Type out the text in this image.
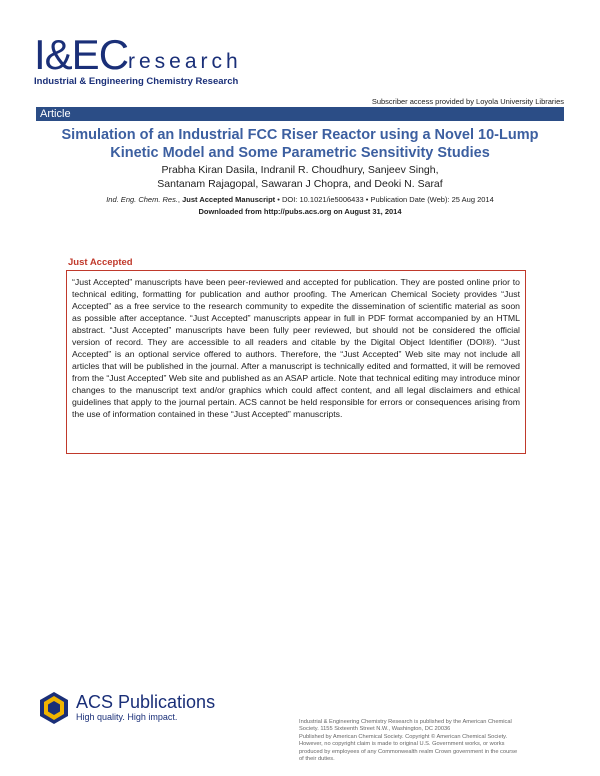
I&EC research
Industrial & Engineering Chemistry Research
Subscriber access provided by Loyola University Libraries
Article
Simulation of an Industrial FCC Riser Reactor using a Novel 10-Lump Kinetic Model and Some Parametric Sensitivity Studies
Prabha Kiran Dasila, Indranil R. Choudhury, Sanjeev Singh,
Santanam Rajagopal, Sawaran J Chopra, and Deoki N. Saraf
Ind. Eng. Chem. Res., Just Accepted Manuscript • DOI: 10.1021/ie5006433 • Publication Date (Web): 25 Aug 2014
Downloaded from http://pubs.acs.org on August 31, 2014
Just Accepted

“Just Accepted” manuscripts have been peer-reviewed and accepted for publication. They are posted online prior to technical editing, formatting for publication and author proofing. The American Chemical Society provides “Just Accepted” as a free service to the research community to expedite the dissemination of scientific material as soon as possible after acceptance. “Just Accepted” manuscripts appear in full in PDF format accompanied by an HTML abstract. “Just Accepted” manuscripts have been fully peer reviewed, but should not be considered the official version of record. They are accessible to all readers and citable by the Digital Object Identifier (DOI®). “Just Accepted” is an optional service offered to authors. Therefore, the “Just Accepted” Web site may not include all articles that will be published in the journal. After a manuscript is technically edited and formatted, it will be removed from the “Just Accepted” Web site and published as an ASAP article. Note that technical editing may introduce minor changes to the manuscript text and/or graphics which could affect content, and all legal disclaimers and ethical guidelines that apply to the journal pertain. ACS cannot be held responsible for errors or consequences arising from the use of information contained in these “Just Accepted” manuscripts.

ACS Publications
High quality. High impact.	Industrial & Engineering Chemistry Research is published by the American Chemical
Society. 1155 Sixteenth Street N.W., Washington, DC 20036
Published by American Chemical Society. Copyright © American Chemical Society.
However, no copyright claim is made to original U.S. Government works, or works
produced by employees of any Commonwealth realm Crown government in the course
of their duties.
